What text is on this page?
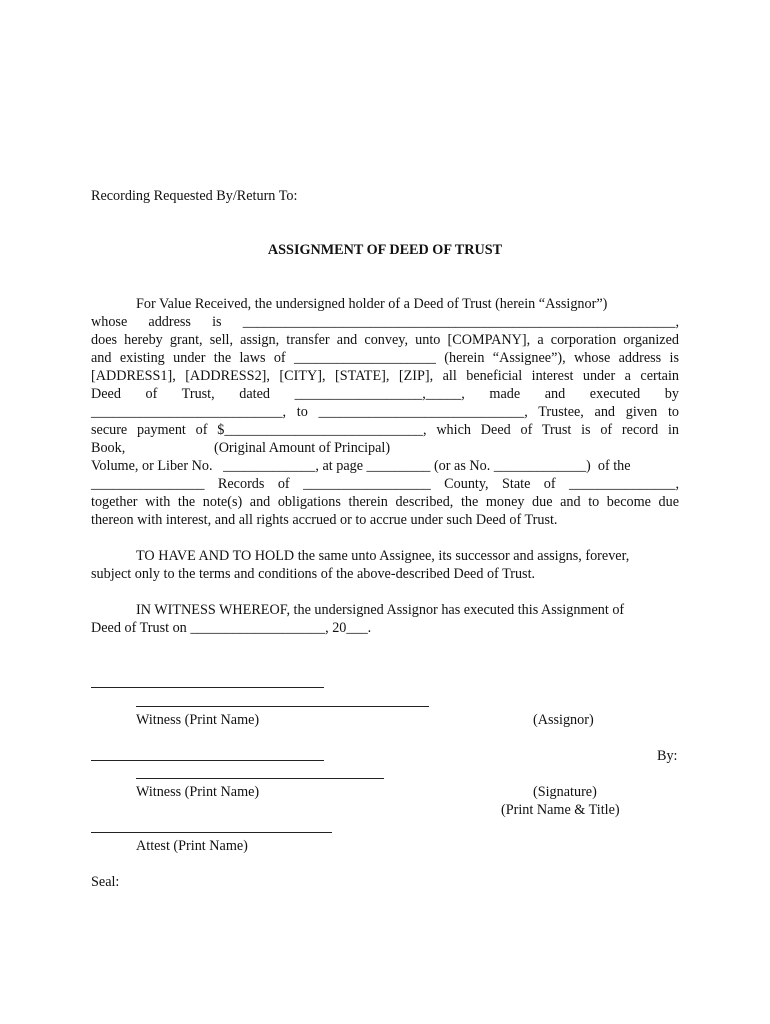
Recording Requested By/Return To:
ASSIGNMENT OF DEED OF TRUST
For Value Received, the undersigned holder of a Deed of Trust (herein “Assignor”)
whose address is _____________________________________________________________,
does hereby grant, sell, assign, transfer and convey, unto [COMPANY], a corporation organized
and existing under the laws of ____________________ (herein “Assignee”), whose address is
[ADDRESS1], [ADDRESS2], [CITY], [STATE], [ZIP], all beneficial interest under a certain
Deed of Trust, dated __________________,_____, made and executed by
___________________________, to _____________________________, Trustee, and given to
secure payment of $____________________________, which Deed of Trust is of record in
Book,                         (Original Amount of Principal)
Volume, or Liber No.   _____________, at page _________ (or as No. _____________)  of the
________________ Records of __________________ County, State of _______________,
together with the note(s) and obligations therein described, the money due and to become due
thereon with interest, and all rights accrued or to accrue under such Deed of Trust.
TO HAVE AND TO HOLD the same unto Assignee, its successor and assigns, forever,
subject only to the terms and conditions of the above-described Deed of Trust.
IN WITNESS WHEREOF, the undersigned Assignor has executed this Assignment of
Deed of Trust on ___________________, 20___.
Witness (Print Name)	(Assignor)
By:
Witness (Print Name)	(Signature)
(Print Name & Title)
Attest (Print Name)
Seal:
